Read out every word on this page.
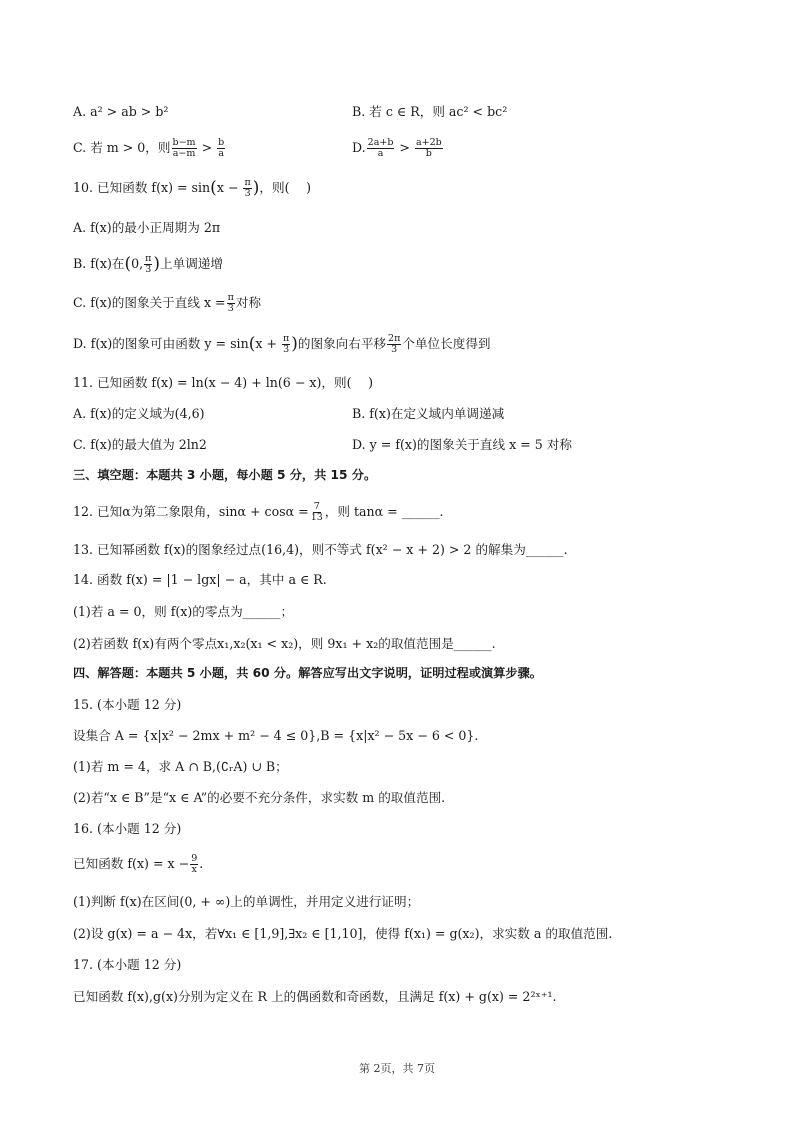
A. a² > ab > b²	B. 若 c ∈ R，则 ac² < bc²
C. 若 m > 0，则 $\frac{b-m}{a-m} > \frac{b}{a}$	D. $\frac{2a+b}{a} > \frac{a+2b}{b}$
10. 已知函数 $f(x) = \sin(x - \frac{\pi}{3}$ )，则(　 )
A. f(x)的最小正周期为 2π
B. f(x)在(0, $\frac{\pi}{3}$ )上单调递增
C. f(x)的图象关于直线 $x = \frac{\pi}{3}$ 对称
D. f(x)的图象可由函数 $y = \sin(x + \frac{\pi}{3}$ )的图象向右平移 $\frac{2\pi}{3}$ 个单位长度得到
11. 已知函数 f(x) = ln(x − 4) + ln(6 − x)，则(　 )
A. f(x)的定义域为(4,6)	B. f(x)在定义域内单调递减
C. f(x)的最大值为 2ln2	D. y = f(x)的图象关于直线 x = 5 对称
三、填空题：本题共 3 小题，每小题 5 分，共 15 分。
12. 已知α为第二象限角，$\sin\alpha + \cos\alpha = \frac{7}{13}$ ，则 tanα = ______.
13. 已知幂函数 f(x)的图象经过点(16,4)，则不等式 f(x² − x + 2) > 2 的解集为______.
14. 函数 f(x) = |1 − lgx| − a，其中 a ∈ R.
(1)若 a = 0，则 f(x)的零点为______；
(2)若函数 f(x)有两个零点x₁,x₂(x₁ < x₂)，则 9x₁ + x₂的取值范围是______.
四、解答题：本题共 5 小题，共 60 分。解答应写出文字说明，证明过程或演算步骤。
15. (本小题 12 分)
设集合 A = {x|x² − 2mx + m² − 4 ≤ 0},B = {x|x² − 5x − 6 < 0}.
(1)若 m = 4，求 A ∩ B,(∁ᵣA) ∪ B；
(2)若“x ∈ B”是“x ∈ A”的必要不充分条件，求实数 m 的取值范围.
16. (本小题 12 分)
已知函数 $f(x) = x - \frac{9}{x}$ .
(1)判断 f(x)在区间(0, + ∞)上的单调性，并用定义进行证明；
(2)设 g(x) = a − 4x，若∀x₁ ∈ [1,9],∃x₂ ∈ [1,10]，使得 f(x₁) = g(x₂)，求实数 a 的取值范围.
17. (本小题 12 分)
已知函数 f(x),g(x)分别为定义在 R 上的偶函数和奇函数，且满足 f(x) + g(x) = 2²ˣ⁺¹.
第 2页，共 7页
